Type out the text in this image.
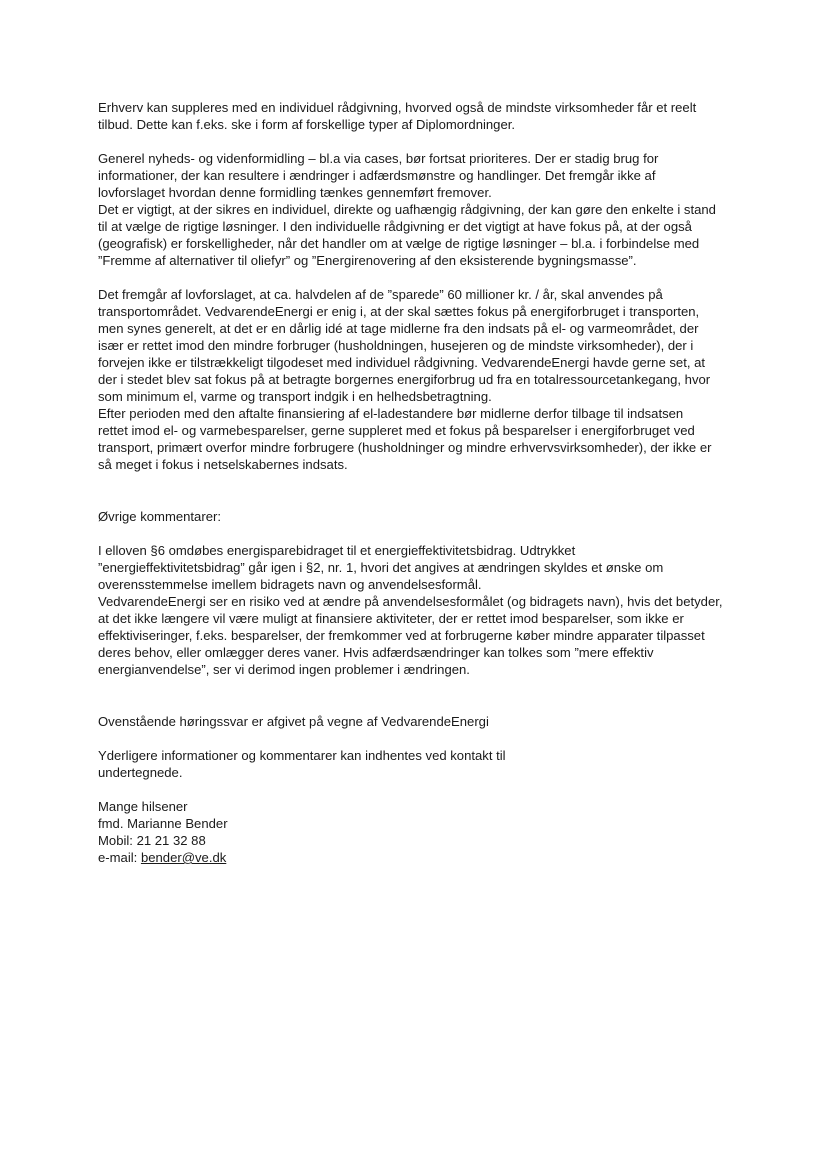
Erhverv kan suppleres med en individuel rådgivning, hvorved også de mindste virksomheder får et reelt
tilbud. Dette kan f.eks. ske i form af forskellige typer af Diplomordninger.

Generel nyheds- og videnformidling – bl.a via cases, bør fortsat prioriteres. Der er stadig brug for
informationer, der kan resultere i ændringer i adfærdsmønstre og handlinger. Det fremgår ikke af
lovforslaget hvordan denne formidling tænkes gennemført fremover.
Det er vigtigt, at der sikres en individuel, direkte og uafhængig rådgivning, der kan gøre den enkelte i stand
til at vælge de rigtige løsninger. I den individuelle rådgivning er det vigtigt at have fokus på, at der også
(geografisk) er forskelligheder, når det handler om at vælge de rigtige løsninger – bl.a. i forbindelse med
”Fremme af alternativer til oliefyr” og ”Energirenovering af den eksisterende bygningsmasse”.

Det fremgår af lovforslaget, at ca. halvdelen af de ”sparede” 60 millioner kr. / år, skal anvendes på
transportområdet. VedvarendeEnergi er enig i, at der skal sættes fokus på energiforbruget i transporten,
men synes generelt, at det er en dårlig idé at tage midlerne fra den indsats på el- og varmeområdet, der
især er rettet imod den mindre forbruger (husholdningen, husejeren og de mindste virksomheder), der i
forvejen ikke er tilstrækkeligt tilgodeset med individuel rådgivning. VedvarendeEnergi havde gerne set, at
der i stedet blev sat fokus på at betragte borgernes energiforbrug ud fra en totalressourcetankegang, hvor
som minimum el, varme og transport indgik i en helhedsbetragtning.
Efter perioden med den aftalte finansiering af el-ladestandere bør midlerne derfor tilbage til indsatsen
rettet imod el- og varmebesparelser, gerne suppleret med et fokus på besparelser i energiforbruget ved
transport, primært overfor mindre forbrugere (husholdninger og mindre erhvervsvirksomheder), der ikke er
så meget i fokus i netselskabernes indsats.

Øvrige kommentarer:

I elloven §6 omdøbes energisparebidraget til et energieffektivitetsbidrag. Udtrykket
”energieffektivitetsbidrag” går igen i §2, nr. 1, hvori det angives at ændringen skyldes et ønske om
overensstemmelse imellem bidragets navn og anvendelsesformål.
VedvarendeEnergi ser en risiko ved at ændre på anvendelsesformålet (og bidragets navn), hvis det betyder,
at det ikke længere vil være muligt at finansiere aktiviteter, der er rettet imod besparelser, som ikke er
effektiviseringer, f.eks. besparelser, der fremkommer ved at forbrugerne køber mindre apparater tilpasset
deres behov, eller omlægger deres vaner. Hvis adfærdsændringer kan tolkes som ”mere effektiv
energianvendelse”, ser vi derimod ingen problemer i ændringen.

Ovenstående høringssvar er afgivet på vegne af VedvarendeEnergi

Yderligere informationer og kommentarer kan indhentes ved kontakt til
undertegnede.

Mange hilsener
fmd. Marianne Bender
Mobil: 21 21 32 88
e-mail: bender@ve.dk
